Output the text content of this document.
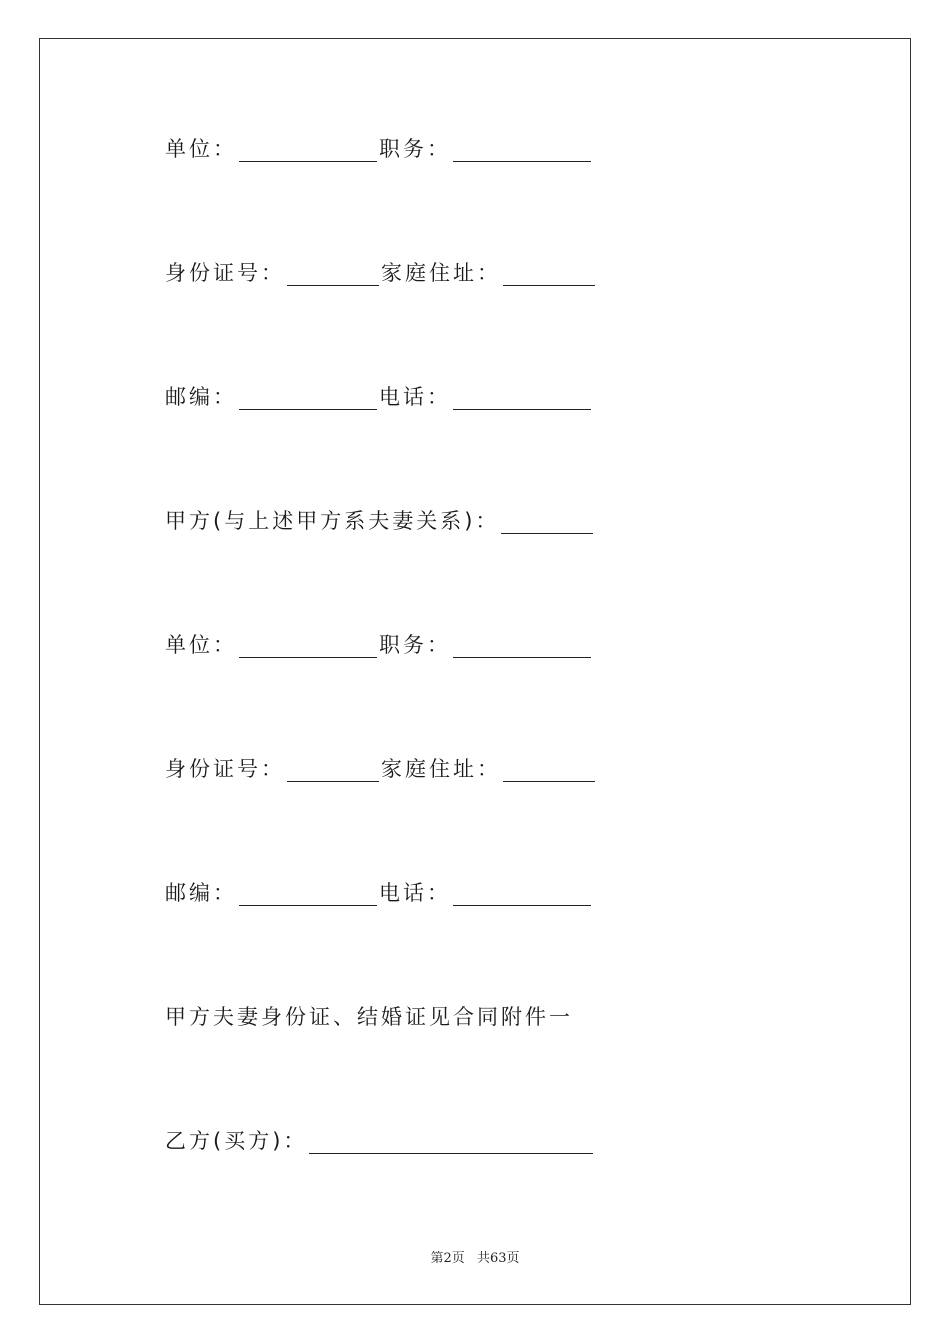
单位：	职务：
身份证号：	家庭住址：
邮编：	电话：
甲方(与上述甲方系夫妻关系)：
单位：	职务：
身份证号：	家庭住址：
邮编：	电话：
甲方夫妻身份证、结婚证见合同附件一
乙方(买方)：
第2页 共63页
